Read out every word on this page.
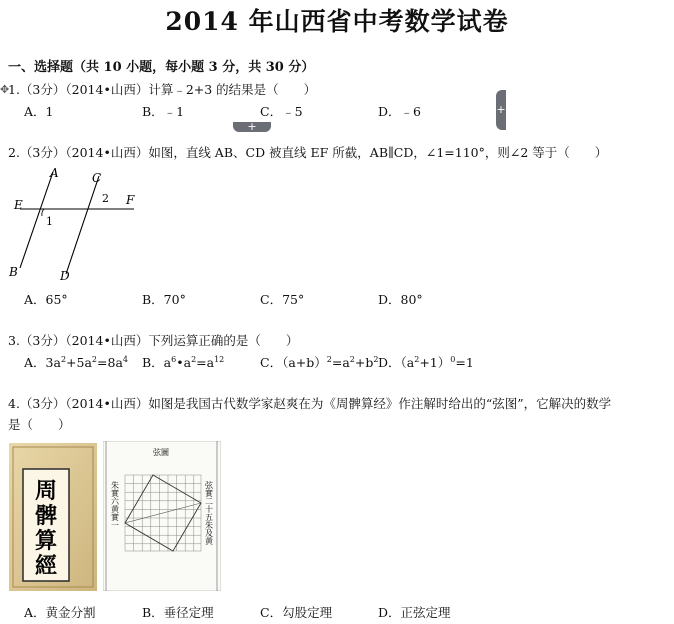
2014 年山西省中考数学试卷
一、选择题（共 10 小题，每小题 3 分，共 30 分）
✥
+
+
1.（3分）（2014•山西）计算﹣2+3 的结果是（　　）
A．1	B．﹣1	C．﹣5	D．﹣6
2.（3分）（2014•山西）如图，直线 AB、CD 被直线 EF 所截，AB∥CD，∠1=110°，则∠2 等于（　　）
A
B
C
D
E	F
1
2
A．65°	B．70°	C．75°	D．80°
3.（3分）（2014•山西）下列运算正确的是（　　）
A．$3a^2+5a^2=8a^4$ B．$a^6•a^2=a^{12}$	C．$(a+b)^2=a^2+b^2$ D．$(a^2+1)^0=1$
4.（3分）（2014•山西）如图是我国古代数学家赵爽在为《周髀算经》作注解时给出的“弦图”，它解决的数学
是（　　）
周
髀
算
經
弦圖
朱實六黄實一	弦實二十五朱及黄
A．黄金分割	B．垂径定理	C．勾股定理	D．正弦定理
